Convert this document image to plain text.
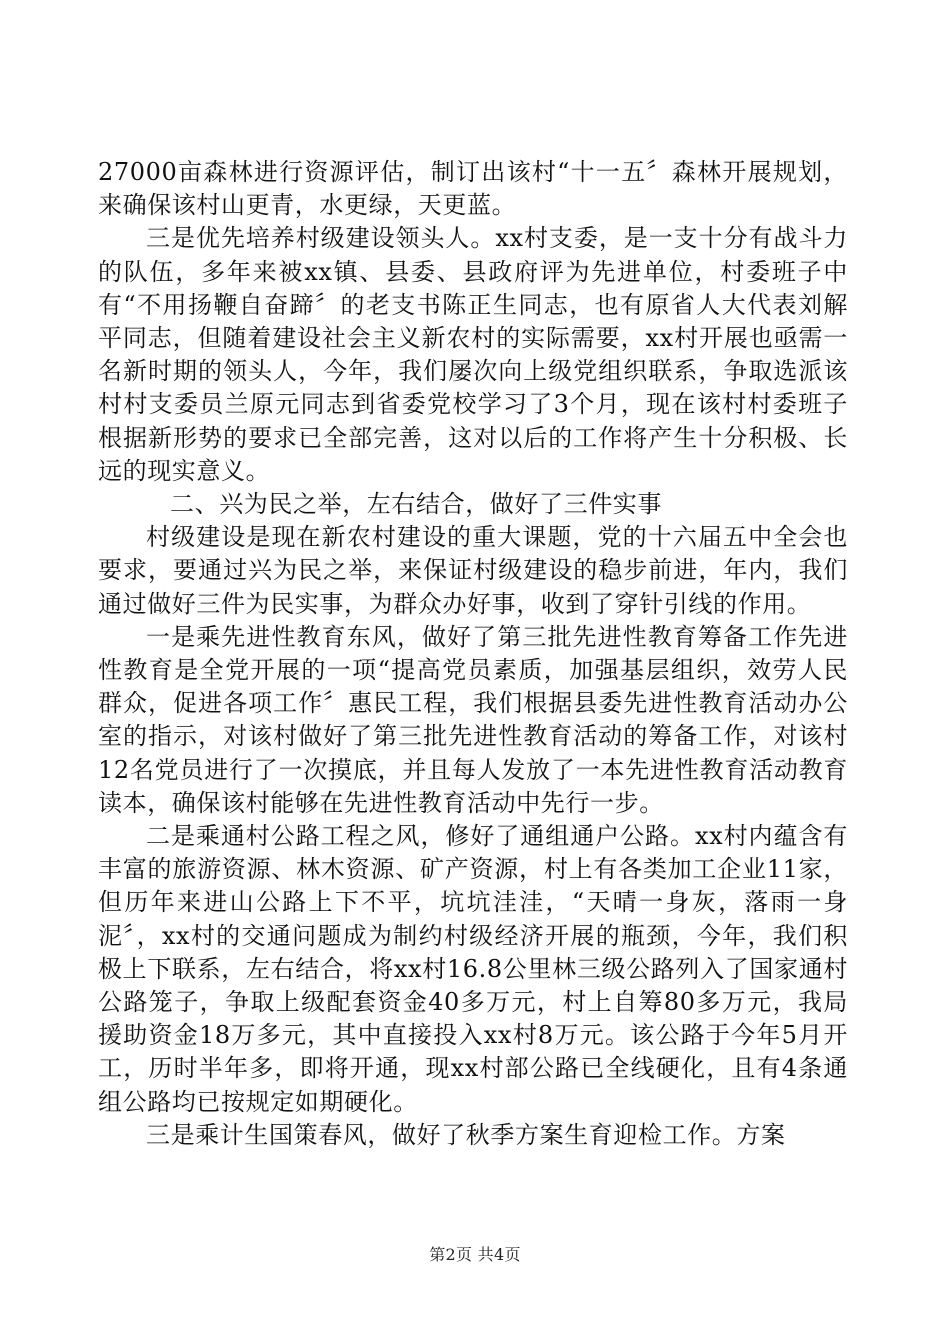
27000亩森林进行资源评估，制订出该村“十一五〞森林开展规划，来确保该村山更青，水更绿，天更蓝。

三是优先培养村级建设领头人。xx村支委，是一支十分有战斗力的队伍，多年来被xx镇、县委、县政府评为先进单位，村委班子中有“不用扬鞭自奋蹄〞的老支书陈正生同志，也有原省人大代表刘解平同志，但随着建设社会主义新农村的实际需要，xx村开展也亟需一名新时期的领头人，今年，我们屡次向上级党组织联系，争取选派该村村支委员兰原元同志到省委党校学习了3个月，现在该村村委班子根据新形势的要求已全部完善，这对以后的工作将产生十分积极、长远的现实意义。

二、兴为民之举，左右结合，做好了三件实事

村级建设是现在新农村建设的重大课题，党的十六届五中全会也要求，要通过兴为民之举，来保证村级建设的稳步前进，年内，我们通过做好三件为民实事，为群众办好事，收到了穿针引线的作用。

一是乘先进性教育东风，做好了第三批先进性教育筹备工作先进性教育是全党开展的一项“提高党员素质，加强基层组织，效劳人民群众，促进各项工作〞惠民工程，我们根据县委先进性教育活动办公室的指示，对该村做好了第三批先进性教育活动的筹备工作，对该村12名党员进行了一次摸底，并且每人发放了一本先进性教育活动教育读本，确保该村能够在先进性教育活动中先行一步。

二是乘通村公路工程之风，修好了通组通户公路。xx村内蕴含有丰富的旅游资源、林木资源、矿产资源，村上有各类加工企业11家，但历年来进山公路上下不平，坑坑洼洼，“天晴一身灰，落雨一身泥〞，xx村的交通问题成为制约村级经济开展的瓶颈，今年，我们积极上下联系，左右结合，将xx村16.8公里林三级公路列入了国家通村公路笼子，争取上级配套资金40多万元，村上自筹80多万元，我局援助资金18万多元，其中直接投入xx村8万元。该公路于今年5月开工，历时半年多，即将开通，现xx村部公路已全线硬化，且有4条通组公路均已按规定如期硬化。

三是乘计生国策春风，做好了秋季方案生育迎检工作。方案

第2页 共4页
